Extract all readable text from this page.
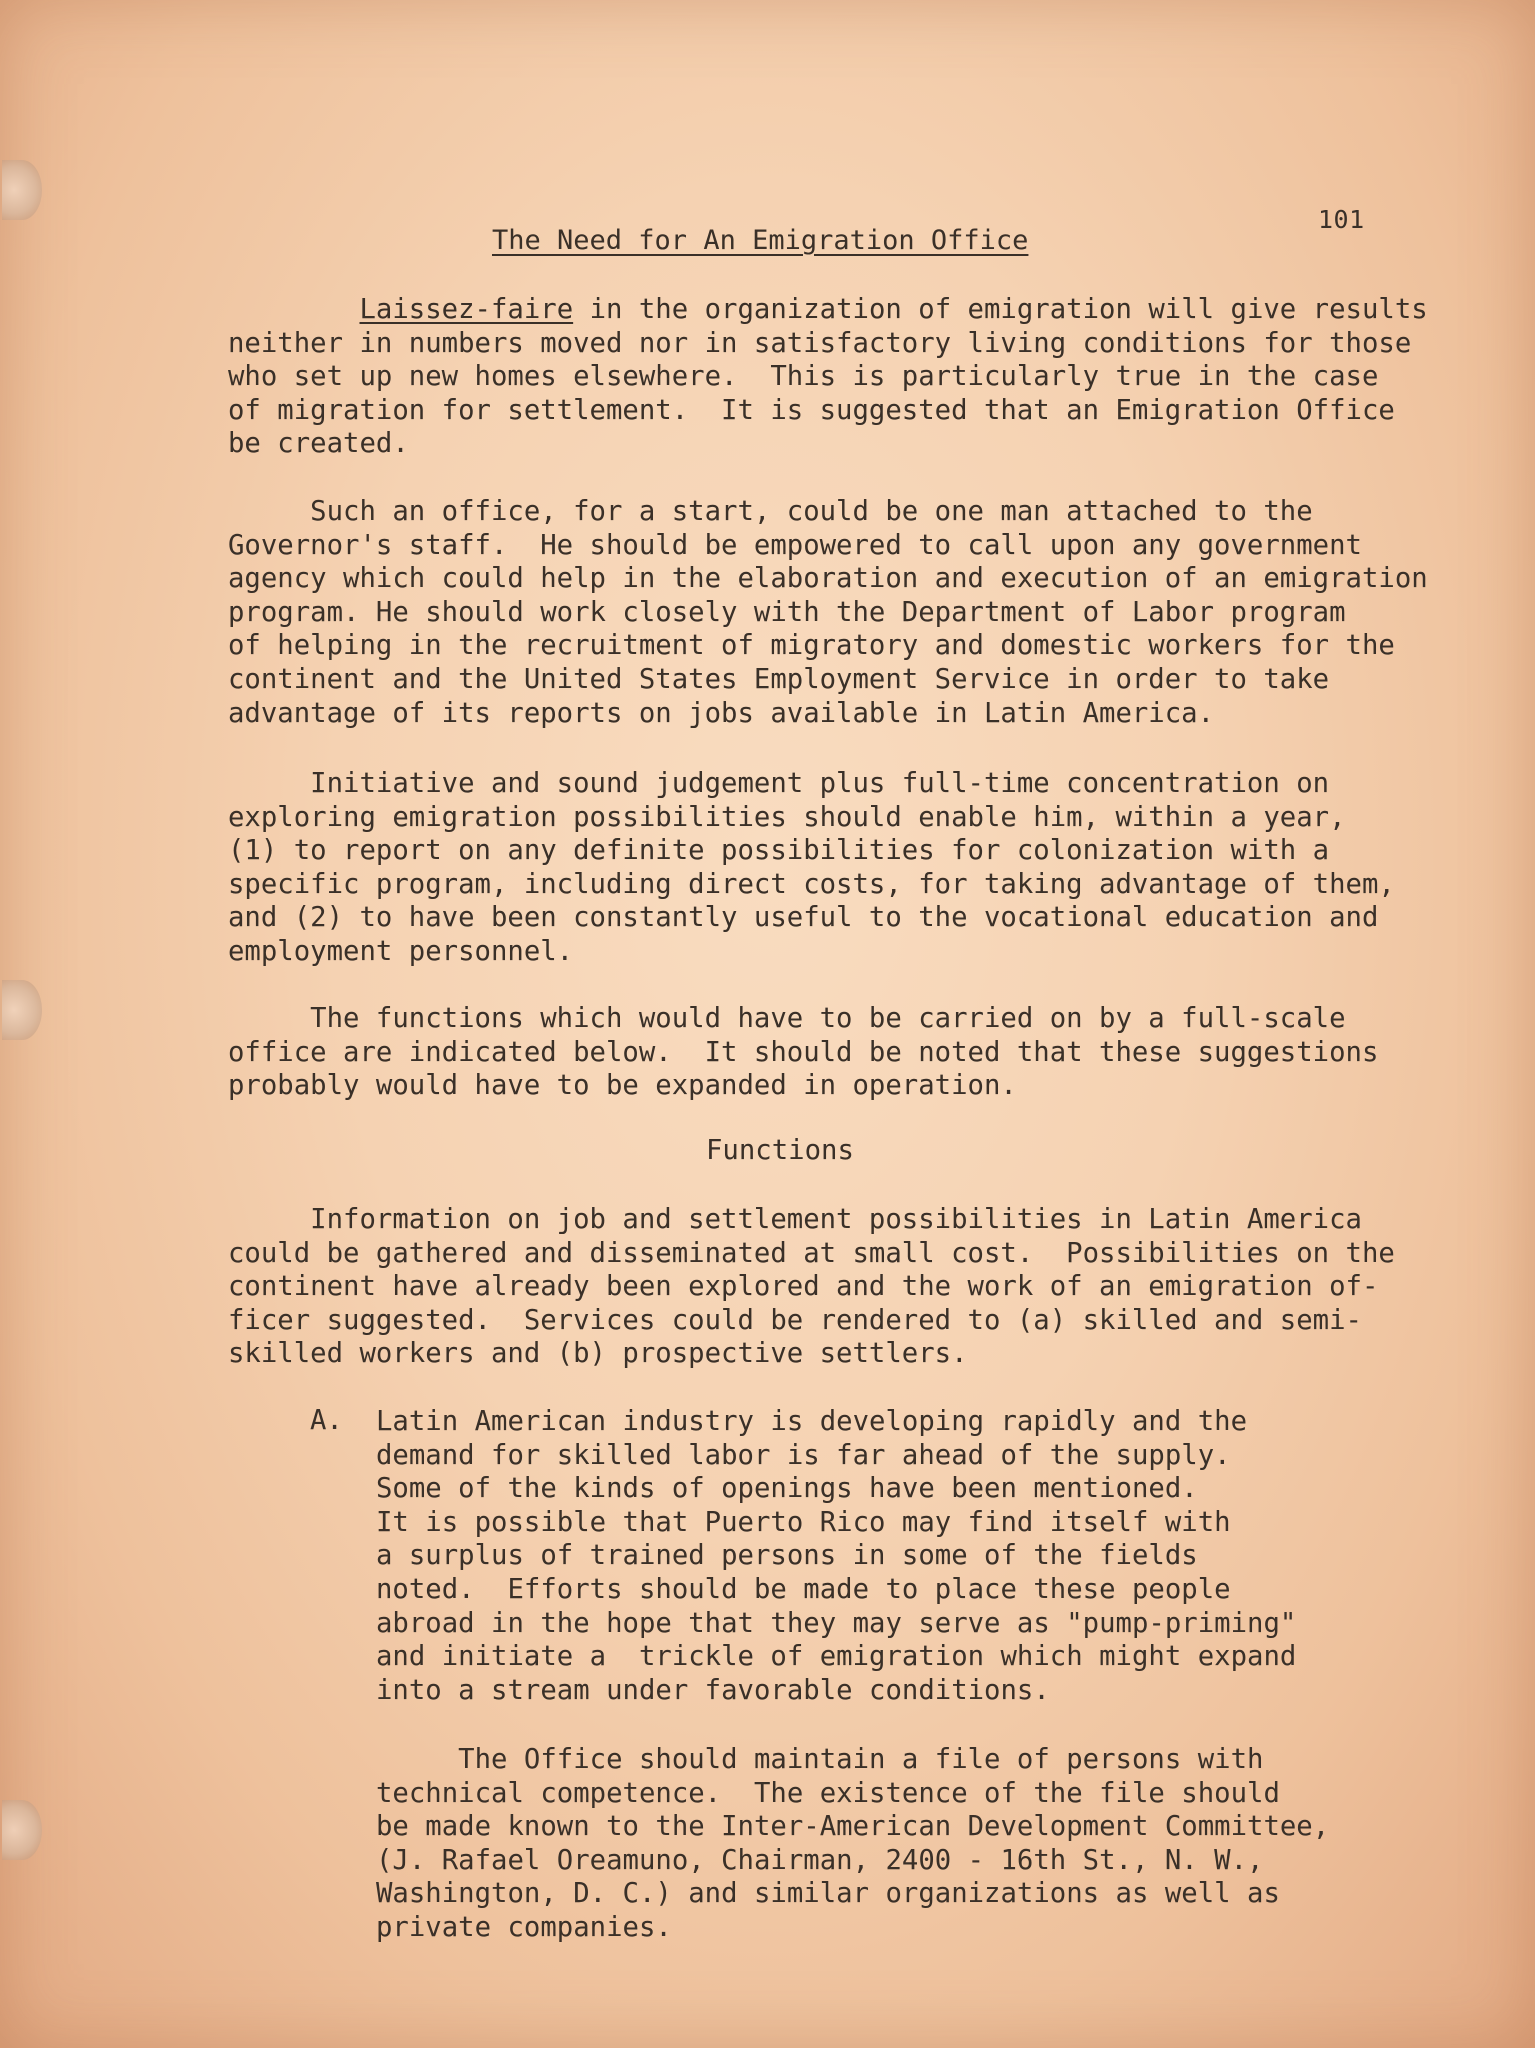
101
The Need for An Emigration Office
Laissez-faire in the organization of emigration will give results
neither in numbers moved nor in satisfactory living conditions for those
who set up new homes elsewhere.  This is particularly true in the case
of migration for settlement.  It is suggested that an Emigration Office
be created.
Such an office, for a start, could be one man attached to the
Governor's staff.  He should be empowered to call upon any government
agency which could help in the elaboration and execution of an emigration
program. He should work closely with the Department of Labor program
of helping in the recruitment of migratory and domestic workers for the
continent and the United States Employment Service in order to take
advantage of its reports on jobs available in Latin America.
Initiative and sound judgement plus full-time concentration on
exploring emigration possibilities should enable him, within a year,
(1) to report on any definite possibilities for colonization with a
specific program, including direct costs, for taking advantage of them,
and (2) to have been constantly useful to the vocational education and
employment personnel.
The functions which would have to be carried on by a full-scale
office are indicated below.  It should be noted that these suggestions
probably would have to be expanded in operation.
Functions
Information on job and settlement possibilities in Latin America
could be gathered and disseminated at small cost.  Possibilities on the
continent have already been explored and the work of an emigration of-
ficer suggested.  Services could be rendered to (a) skilled and semi-
skilled workers and (b) prospective settlers.
A. Latin American industry is developing rapidly and the
demand for skilled labor is far ahead of the supply.
Some of the kinds of openings have been mentioned.
It is possible that Puerto Rico may find itself with
a surplus of trained persons in some of the fields
noted.  Efforts should be made to place these people
abroad in the hope that they may serve as "pump-priming"
and initiate a  trickle of emigration which might expand
into a stream under favorable conditions.
The Office should maintain a file of persons with
technical competence.  The existence of the file should
be made known to the Inter-American Development Committee,
(J. Rafael Oreamuno, Chairman, 2400 - 16th St., N. W.,
Washington, D. C.) and similar organizations as well as
private companies.
